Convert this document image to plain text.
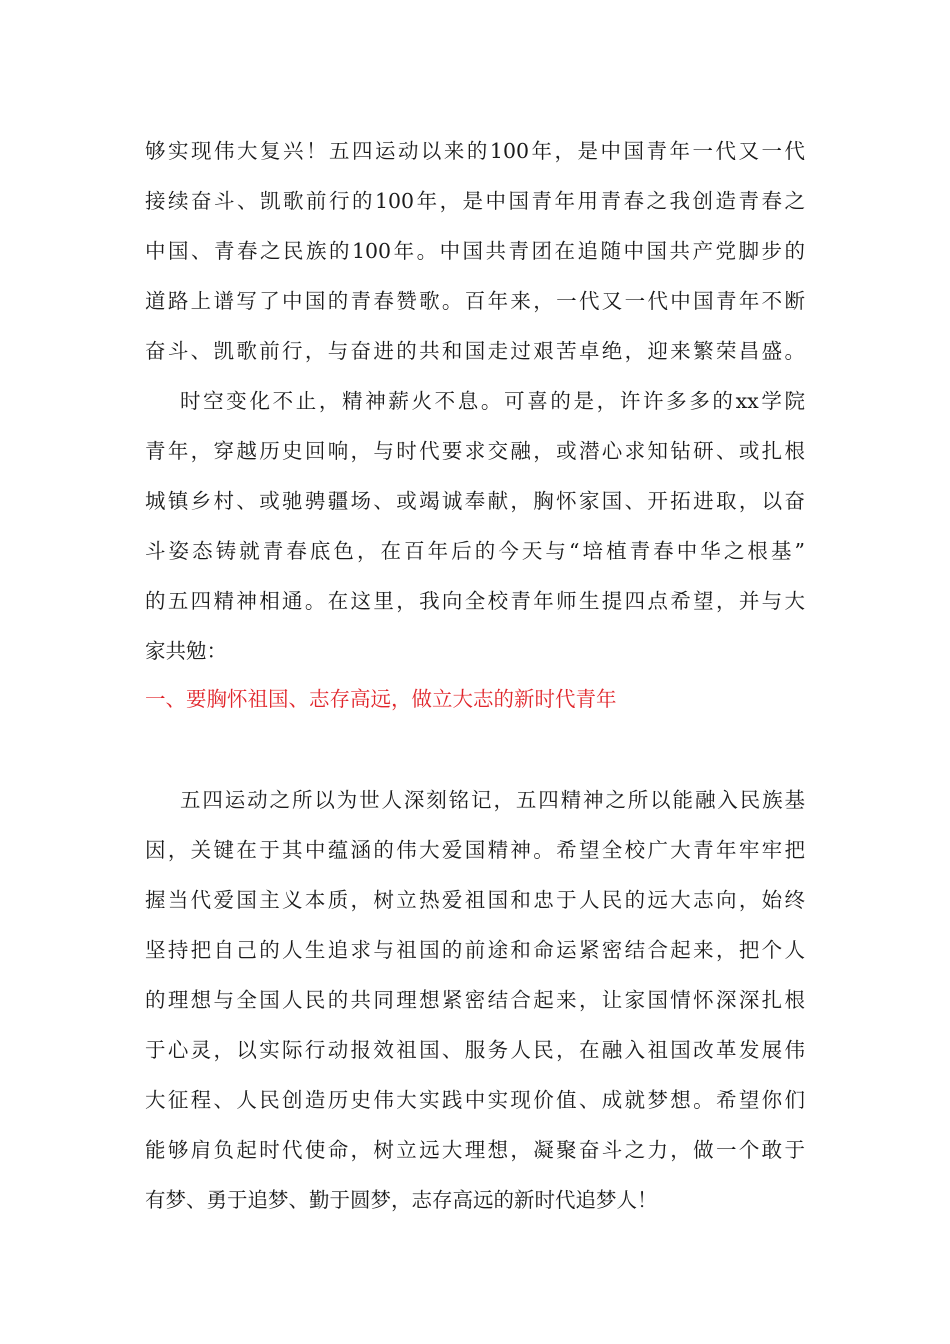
够实现伟大复兴！五四运动以来的100年，是中国青年一代又一代
接续奋斗、凯歌前行的100年，是中国青年用青春之我创造青春之
中国、青春之民族的100年。中国共青团在追随中国共产党脚步的
道路上谱写了中国的青春赞歌。百年来，一代又一代中国青年不断
奋斗、凯歌前行，与奋进的共和国走过艰苦卓绝，迎来繁荣昌盛。
时空变化不止，精神薪火不息。可喜的是，许许多多的xx学院
青年，穿越历史回响，与时代要求交融，或潜心求知钻研、或扎根
城镇乡村、或驰骋疆场、或竭诚奉献，胸怀家国、开拓进取，以奋
斗姿态铸就青春底色，在百年后的今天与“培植青春中华之根基”
的五四精神相通。在这里，我向全校青年师生提四点希望，并与大
家共勉：
一、要胸怀祖国、志存高远，做立大志的新时代青年
五四运动之所以为世人深刻铭记，五四精神之所以能融入民族基
因，关键在于其中蕴涵的伟大爱国精神。希望全校广大青年牢牢把
握当代爱国主义本质，树立热爱祖国和忠于人民的远大志向，始终
坚持把自己的人生追求与祖国的前途和命运紧密结合起来，把个人
的理想与全国人民的共同理想紧密结合起来，让家国情怀深深扎根
于心灵，以实际行动报效祖国、服务人民，在融入祖国改革发展伟
大征程、人民创造历史伟大实践中实现价值、成就梦想。希望你们
能够肩负起时代使命，树立远大理想，凝聚奋斗之力，做一个敢于
有梦、勇于追梦、勤于圆梦，志存高远的新时代追梦人！
